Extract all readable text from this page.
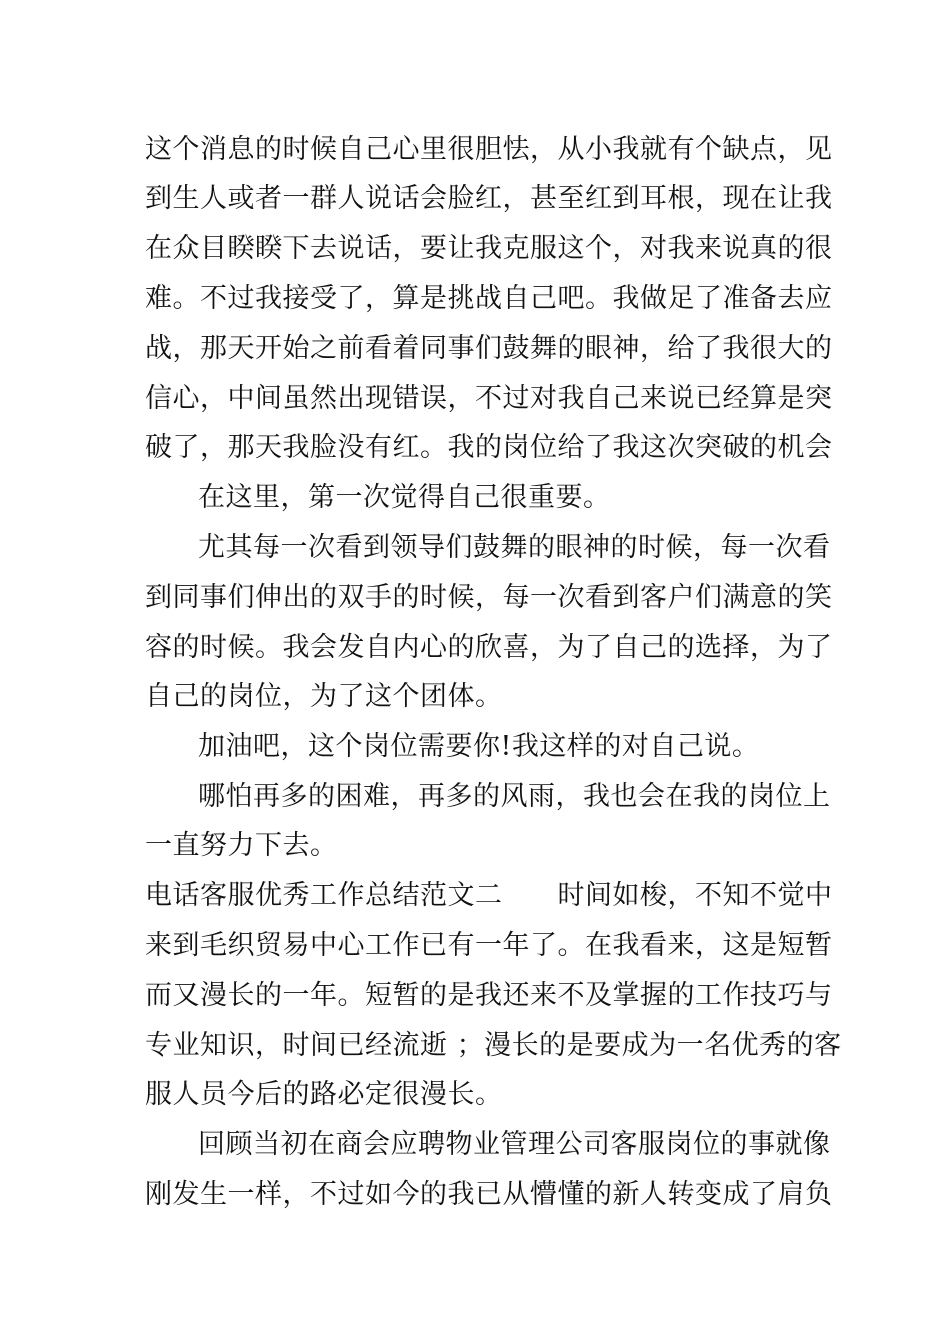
这个消息的时候自己心里很胆怯，从小我就有个缺点，见
到生人或者一群人说话会脸红，甚至红到耳根，现在让我
在众目睽睽下去说话，要让我克服这个，对我来说真的很
难。不过我接受了，算是挑战自己吧。我做足了准备去应
战，那天开始之前看着同事们鼓舞的眼神，给了我很大的
信心，中间虽然出现错误，不过对我自己来说已经算是突
破了，那天我脸没有红。我的岗位给了我这次突破的机会
在这里，第一次觉得自己很重要。
尤其每一次看到领导们鼓舞的眼神的时候，每一次看
到同事们伸出的双手的时候，每一次看到客户们满意的笑
容的时候。我会发自内心的欣喜，为了自己的选择，为了
自己的岗位，为了这个团体。
加油吧，这个岗位需要你!我这样的对自己说。
哪怕再多的困难，再多的风雨，我也会在我的岗位上
一直努力下去。
电话客服优秀工作总结范文二　　时间如梭，不知不觉中
来到毛织贸易中心工作已有一年了。在我看来，这是短暂
而又漫长的一年。短暂的是我还来不及掌握的工作技巧与
专业知识，时间已经流逝 ；漫长的是要成为一名优秀的客
服人员今后的路必定很漫长。
回顾当初在商会应聘物业管理公司客服岗位的事就像
刚发生一样，不过如今的我已从懵懂的新人转变成了肩负
